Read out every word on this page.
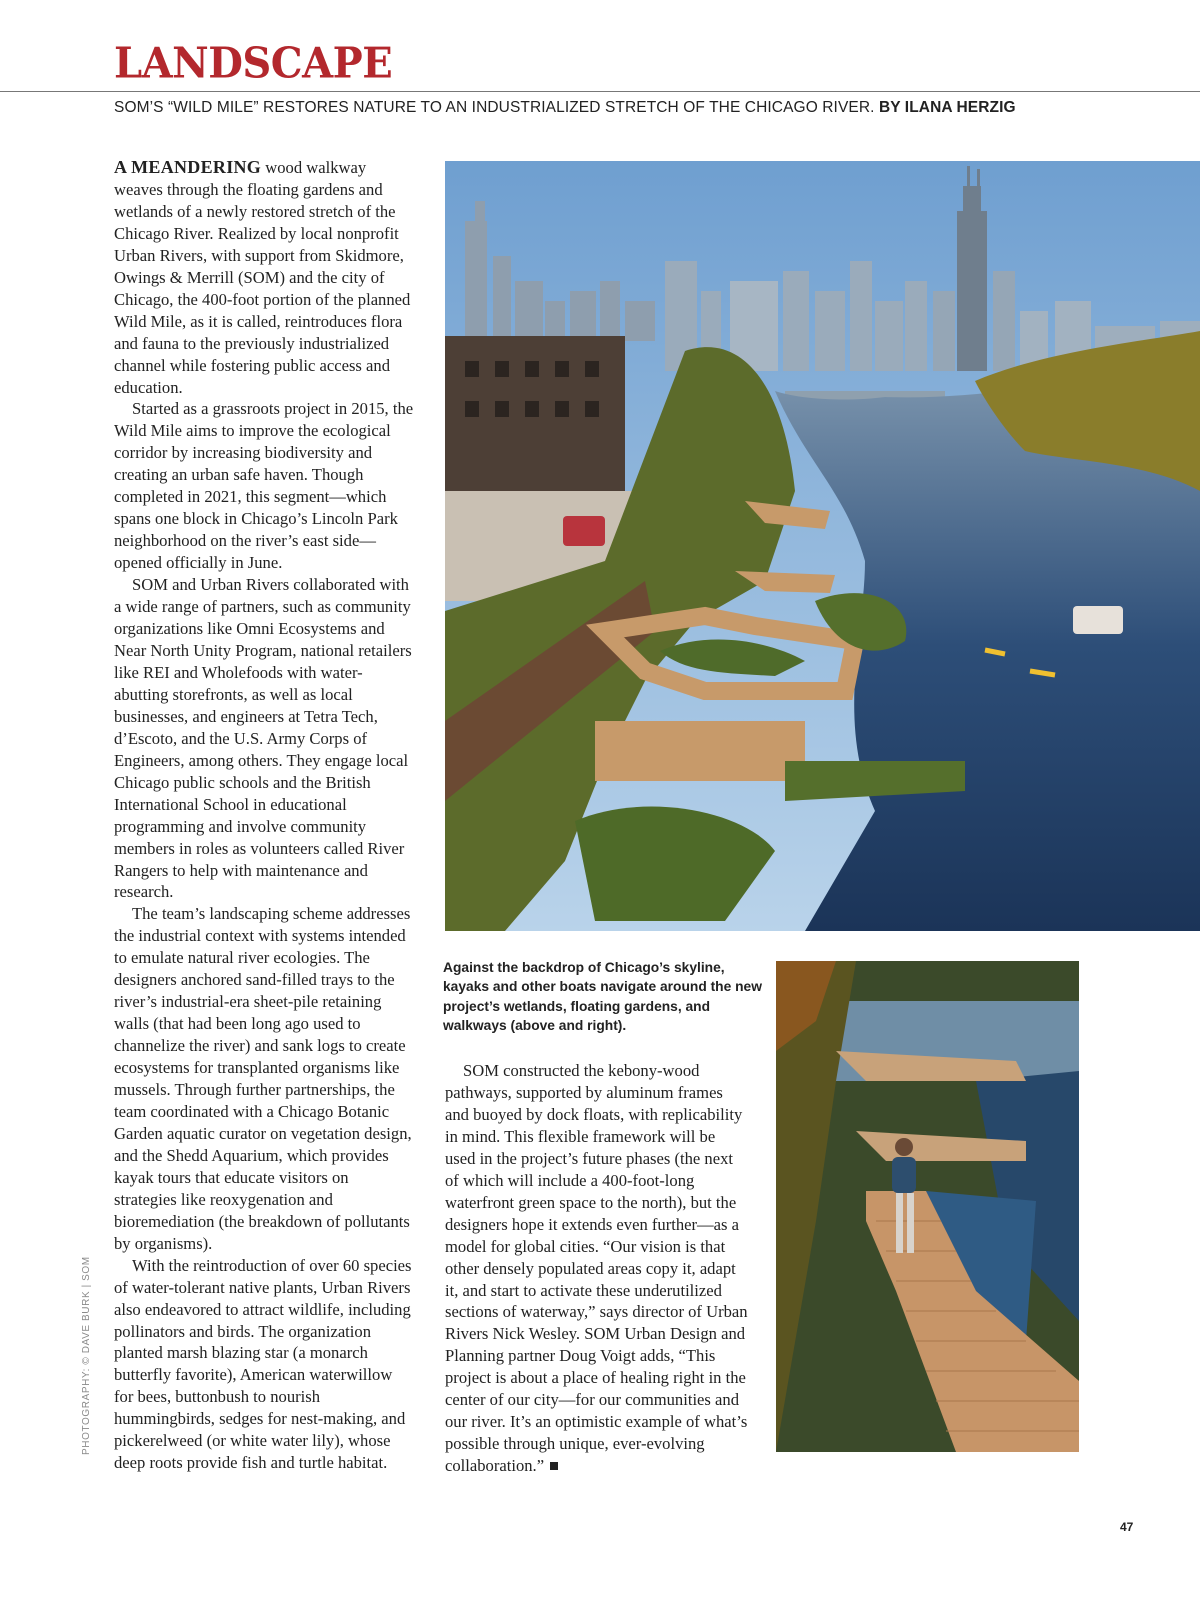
LANDSCAPE
SOM’S “WILD MILE” RESTORES NATURE TO AN INDUSTRIALIZED STRETCH OF THE CHICAGO RIVER. BY ILANA HERZIG

A MEANDERING wood walkway weaves through the floating gardens and wetlands of a newly restored stretch of the Chicago River. Realized by local nonprofit Urban Rivers, with support from Skidmore, Owings & Merrill (SOM) and the city of Chicago, the 400-foot portion of the planned Wild Mile, as it is called, reintroduces flora and fauna to the previously industrialized channel while fostering public access and education.

Started as a grassroots project in 2015, the Wild Mile aims to improve the ecological corridor by increasing biodiversity and creating an urban safe haven. Though completed in 2021, this segment—which spans one block in Chicago’s Lincoln Park neighborhood on the river’s east side—opened officially in June.

SOM and Urban Rivers collaborated with a wide range of partners, such as community organizations like Omni Ecosystems and Near North Unity Program, national retailers like REI and Wholefoods with water-abutting storefronts, as well as local businesses, and engineers at Tetra Tech, d’Escoto, and the U.S. Army Corps of Engineers, among others. They engage local Chicago public schools and the British International School in educational programming and involve community members in roles as volunteers called River Rangers to help with maintenance and research.

The team’s landscaping scheme addresses the industrial context with systems intended to emulate natural river ecologies. The designers anchored sand-filled trays to the river’s industrial-era sheet-pile retaining walls (that had been long ago used to channelize the river) and sank logs to create ecosystems for transplanted organisms like mussels. Through further partnerships, the team coordinated with a Chicago Botanic Garden aquatic curator on vegetation design, and the Shedd Aquarium, which provides kayak tours that educate visitors on strategies like reoxygenation and bioremediation (the breakdown of pollutants by organisms).

With the reintroduction of over 60 species of water-tolerant native plants, Urban Rivers also endeavored to attract wildlife, including pollinators and birds. The organization planted marsh blazing star (a monarch butterfly favorite), American waterwillow for bees, buttonbush to nourish hummingbirds, sedges for nest-making, and pickerelweed (or white water lily), whose deep roots provide fish and turtle habitat.

Against the backdrop of Chicago’s skyline, kayaks and other boats navigate around the new project’s wetlands, floating gardens, and walkways (above and right).

SOM constructed the kebony-wood pathways, supported by aluminum frames and buoyed by dock floats, with replicability in mind. This flexible framework will be used in the project’s future phases (the next of which will include a 400-foot-long waterfront green space to the north), but the designers hope it extends even further—as a model for global cities. “Our vision is that other densely populated areas copy it, adapt it, and start to activate these underutilized sections of waterway,” says director of Urban Rivers Nick Wesley. SOM Urban Design and Planning partner Doug Voigt adds, “This project is about a place of healing right in the center of our city—for our communities and our river. It’s an optimistic example of what’s possible through unique, ever-evolving collaboration.”

PHOTOGRAPHY: © DAVE BURK | SOM
47
